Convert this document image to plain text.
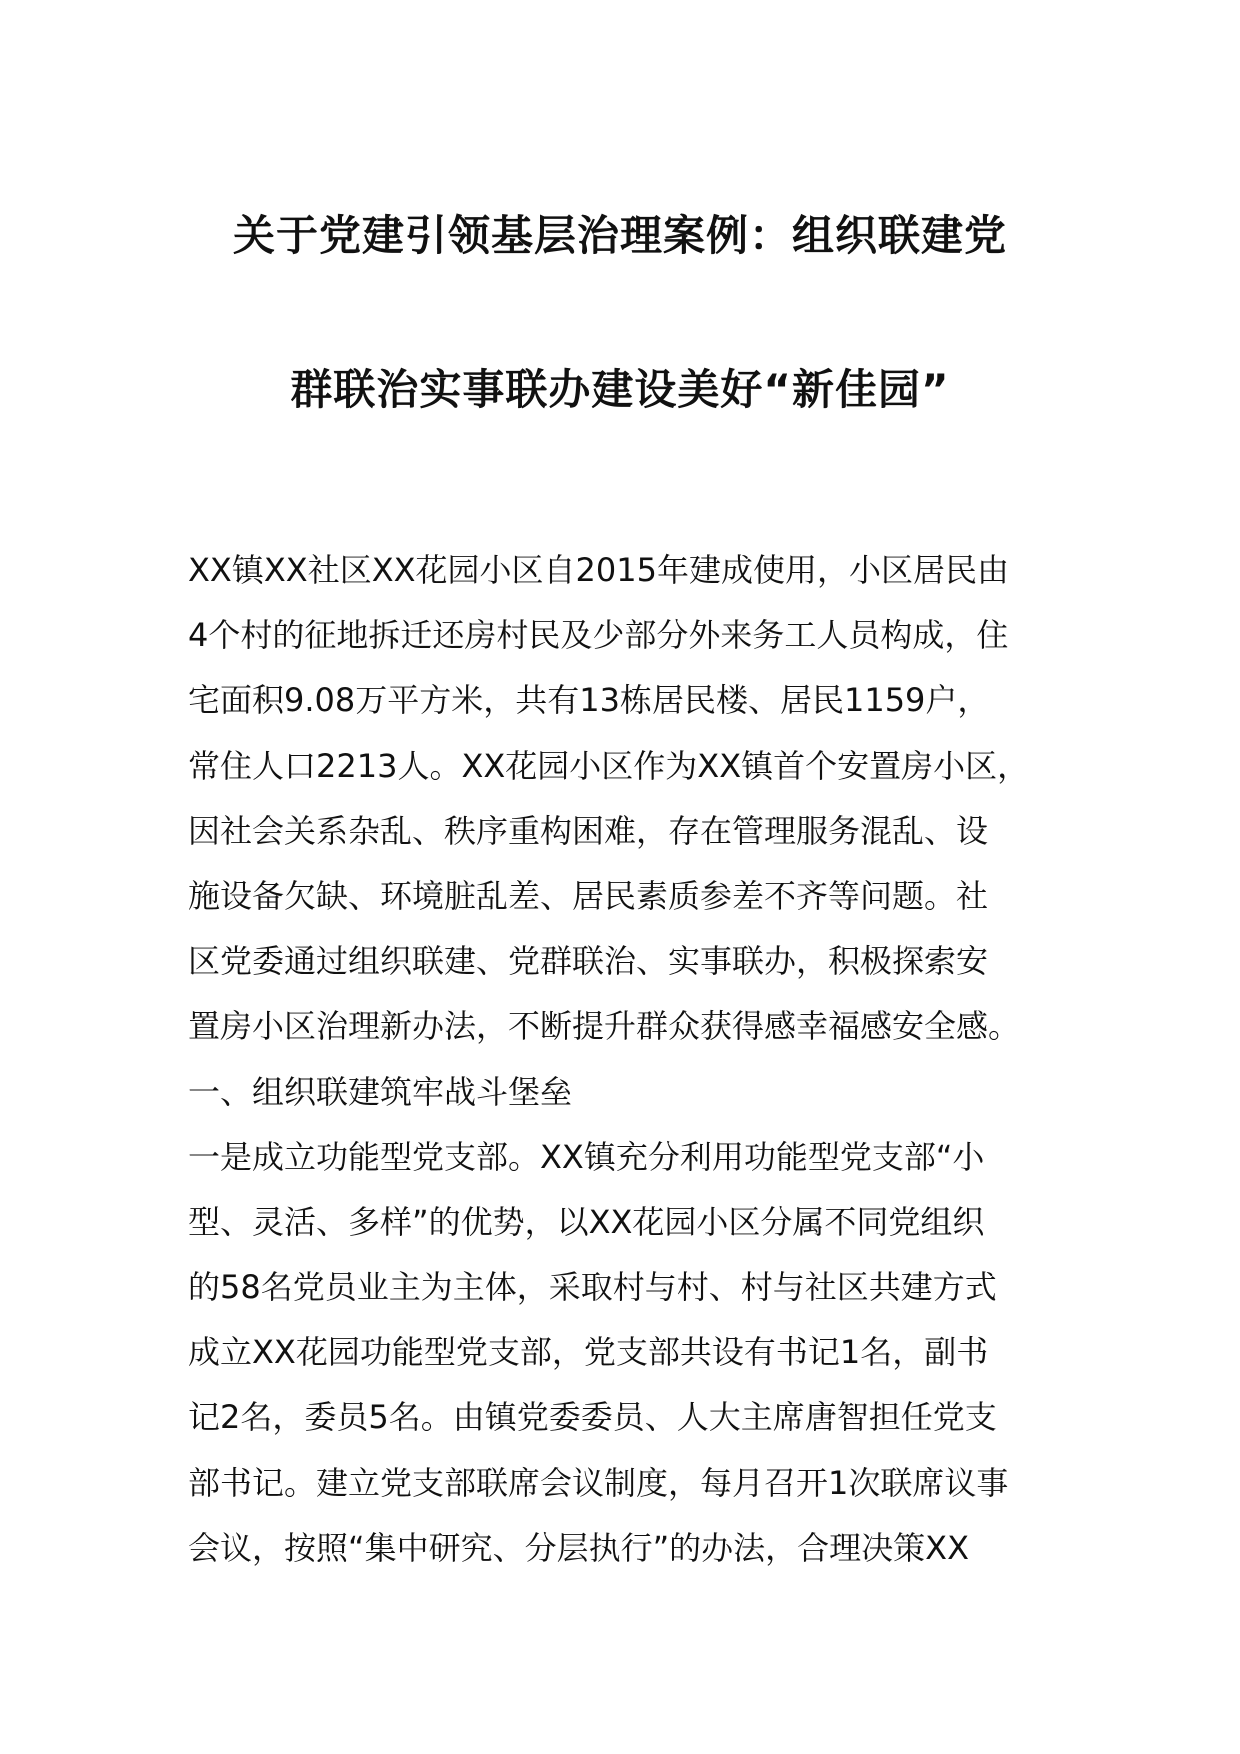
关于党建引领基层治理案例：组织联建党
群联治实事联办建设美好“新佳园”
XX镇XX社区XX花园小区自2015年建成使用，小区居民由
4个村的征地拆迁还房村民及少部分外来务工人员构成，住
宅面积9.08万平方米，共有13栋居民楼、居民1159户，
常住人口2213人。XX花园小区作为XX镇首个安置房小区，
因社会关系杂乱、秩序重构困难，存在管理服务混乱、设
施设备欠缺、环境脏乱差、居民素质参差不齐等问题。社
区党委通过组织联建、党群联治、实事联办，积极探索安
置房小区治理新办法，不断提升群众获得感幸福感安全感。
一、组织联建筑牢战斗堡垒
一是成立功能型党支部。XX镇充分利用功能型党支部“小
型、灵活、多样”的优势，以XX花园小区分属不同党组织
的58名党员业主为主体，采取村与村、村与社区共建方式
成立XX花园功能型党支部，党支部共设有书记1名，副书
记2名，委员5名。由镇党委委员、人大主席唐智担任党支
部书记。建立党支部联席会议制度，每月召开1次联席议事
会议，按照“集中研究、分层执行”的办法，合理决策XX
